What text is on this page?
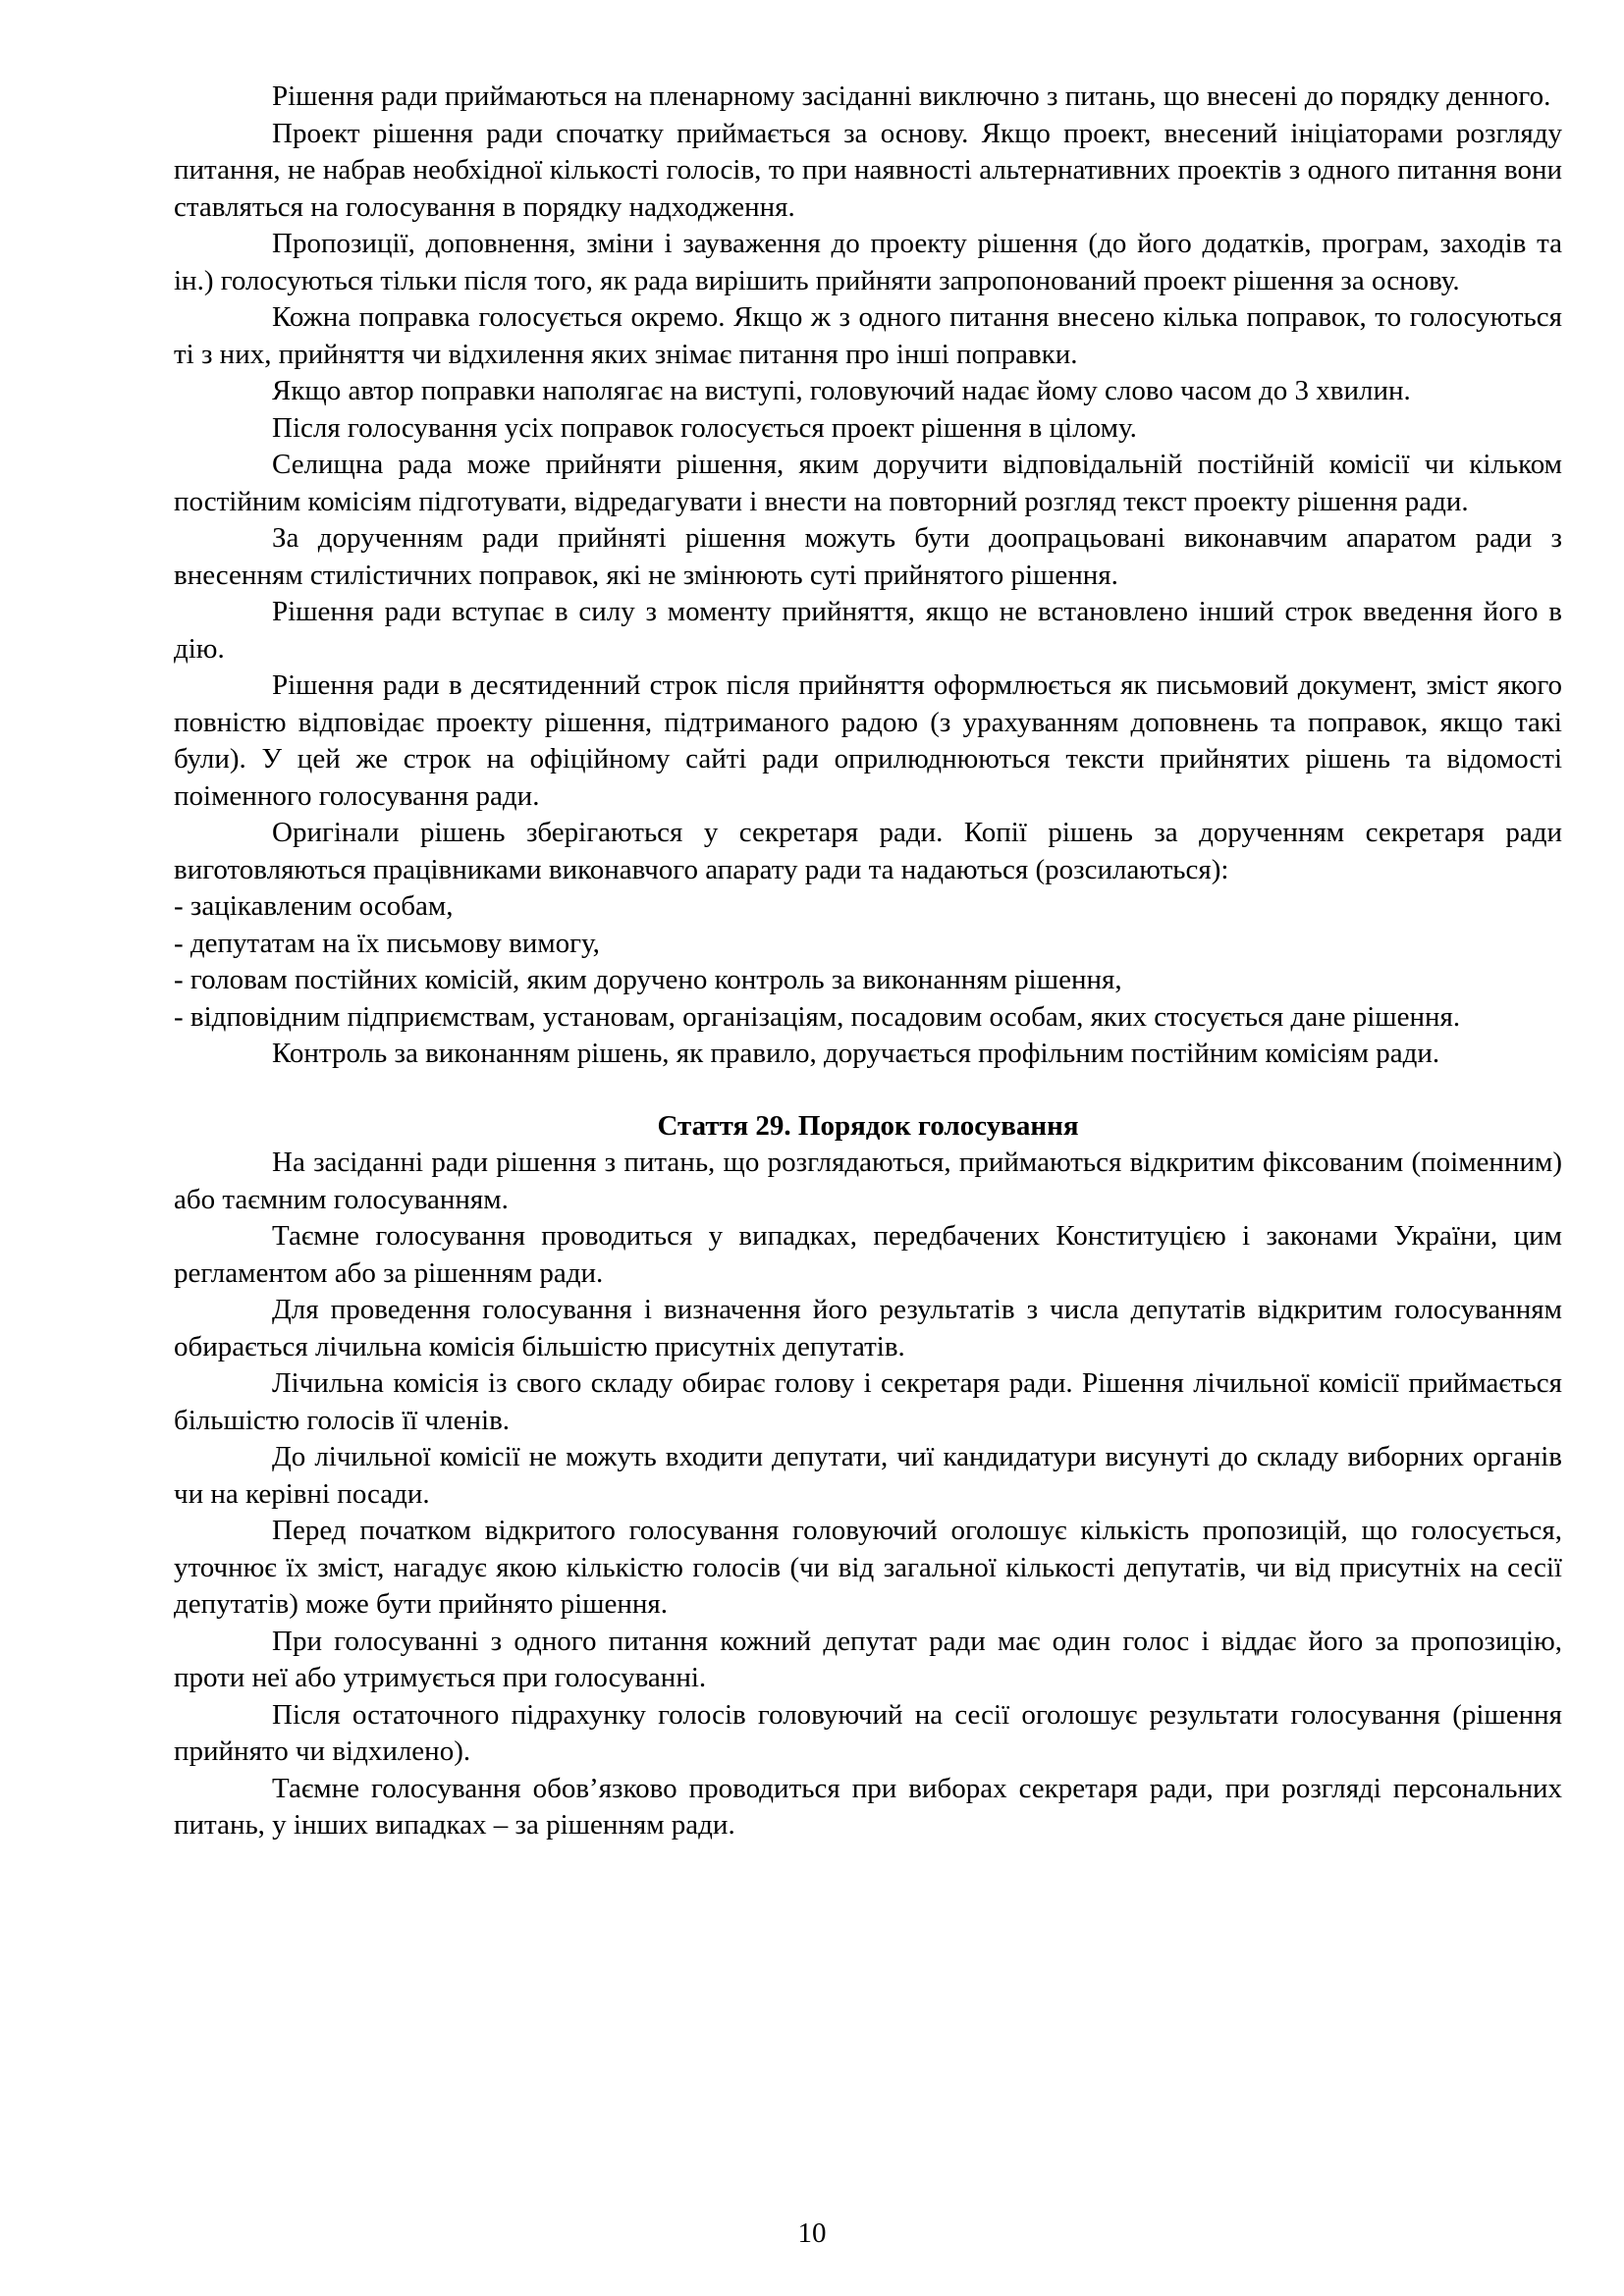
Рішення ради приймаються на пленарному засіданні виключно з питань, що внесені до порядку денного.

Проект рішення ради спочатку приймається за основу. Якщо проект, внесений ініціаторами розгляду питання, не набрав необхідної кількості голосів, то при наявності альтернативних проектів з одного питання вони ставляться на голосування в порядку надходження.

Пропозиції, доповнення, зміни і зауваження до проекту рішення (до його додатків, програм, заходів та ін.) голосуються тільки після того, як рада вирішить прийняти запропонований проект рішення за основу.

Кожна поправка голосується окремо. Якщо ж з одного питання внесено кілька поправок, то голосуються ті з них, прийняття чи відхилення яких знімає питання про інші поправки.

Якщо автор поправки наполягає на виступі, головуючий надає йому слово часом до 3 хвилин.

Після голосування усіх поправок голосується проект рішення в цілому.

Селищна рада може прийняти рішення, яким доручити відповідальній постійній комісії чи кільком постійним комісіям підготувати, відредагувати і внести на повторний розгляд текст проекту рішення ради.

За дорученням ради прийняті рішення можуть бути доопрацьовані виконавчим апаратом ради з внесенням стилістичних поправок, які не змінюють суті прийнятого рішення.

Рішення ради вступає в силу з моменту прийняття, якщо не встановлено інший строк введення його в дію.

Рішення ради в десятиденний строк після прийняття оформлюється як письмовий документ, зміст якого повністю відповідає проекту рішення, підтриманого радою (з урахуванням доповнень та поправок, якщо такі були). У цей же строк на офіційному сайті ради оприлюднюються тексти прийнятих рішень та відомості поіменного голосування ради.

Оригінали рішень зберігаються у секретаря ради. Копії рішень за дорученням секретаря ради виготовляються працівниками виконавчого апарату ради та надаються (розсилаються):

- зацікавленим особам,

- депутатам на їх письмову вимогу,

- головам постійних комісій, яким доручено контроль за виконанням рішення,

- відповідним підприємствам, установам, організаціям, посадовим особам, яких стосується дане рішення.

Контроль за виконанням рішень, як правило, доручається профільним постійним комісіям ради.

Стаття 29. Порядок голосування

На засіданні ради рішення з питань, що розглядаються, приймаються відкритим фіксованим (поіменним) або таємним голосуванням.

Таємне голосування проводиться у випадках, передбачених Конституцією і законами України, цим регламентом або за рішенням ради.

Для проведення голосування і визначення його результатів з числа депутатів відкритим голосуванням обирається лічильна комісія більшістю присутніх депутатів.

Лічильна комісія із свого складу обирає голову і секретаря ради. Рішення лічильної комісії приймається більшістю голосів її членів.

До лічильної комісії не можуть входити депутати, чиї кандидатури висунуті до складу виборних органів чи на керівні посади.

Перед початком відкритого голосування головуючий оголошує кількість пропозицій, що голосується, уточнює їх зміст, нагадує якою кількістю голосів (чи від загальної кількості депутатів, чи від присутніх на сесії депутатів) може бути прийнято рішення.

При голосуванні з одного питання кожний депутат ради має один голос і віддає його за пропозицію, проти неї або утримується при голосуванні.

Після остаточного підрахунку голосів головуючий на сесії оголошує результати голосування (рішення прийнято чи відхилено).

Таємне голосування обов’язково проводиться при виборах секретаря ради, при розгляді персональних питань, у інших випадках – за рішенням ради.

10
